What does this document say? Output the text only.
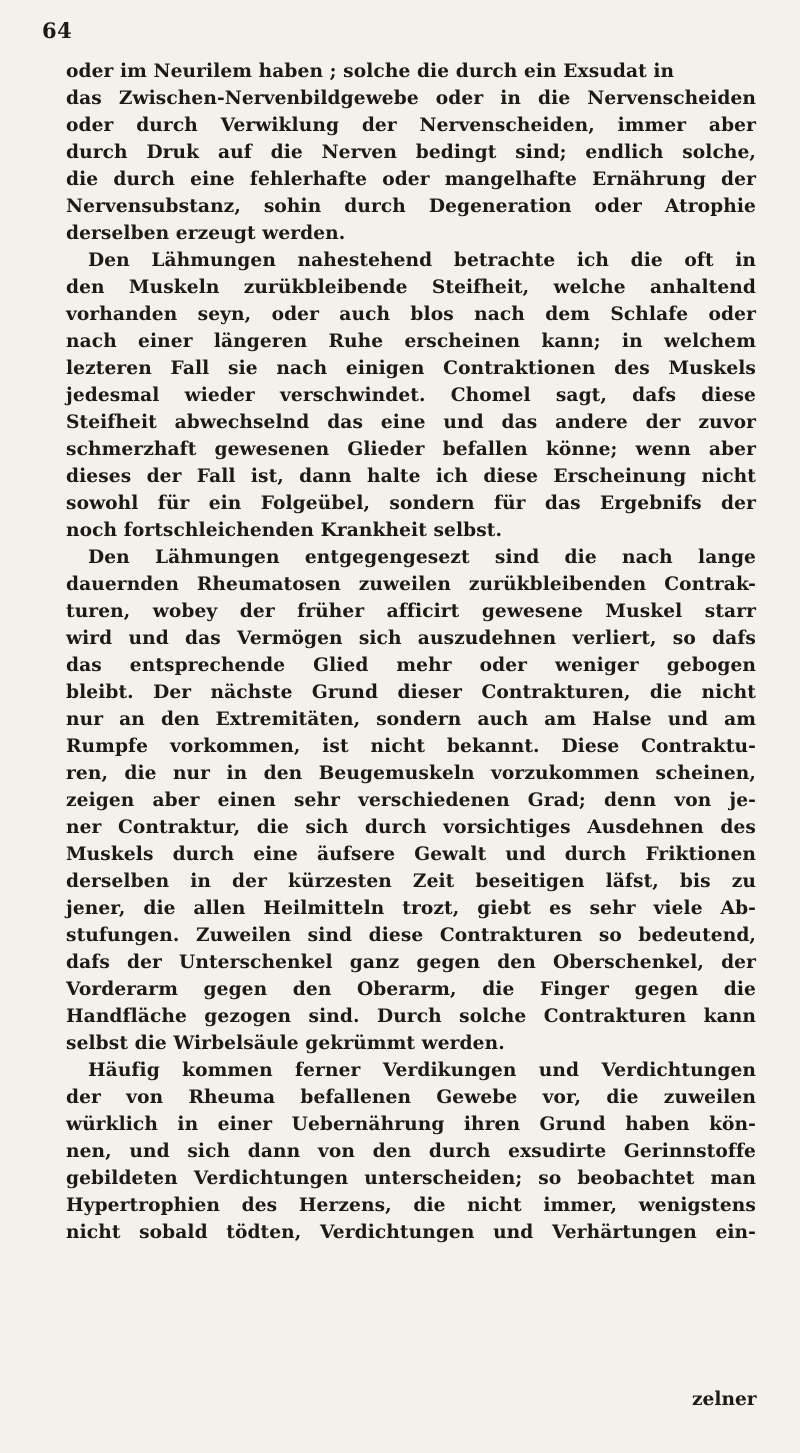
64
oder im Neurilem haben ; solche die durch ein Exsudat in
das Zwischen-Nervenbildgewebe oder in die Nervenscheiden
oder durch Verwiklung der Nervenscheiden, immer aber
durch Druk auf die Nerven bedingt sind; endlich solche,
die durch eine fehlerhafte oder mangelhafte Ernährung der
Nervensubstanz, sohin durch Degeneration oder Atrophie
derselben erzeugt werden.
Den Lähmungen nahestehend betrachte ich die oft in
den Muskeln zurükbleibende Steifheit, welche anhaltend
vorhanden seyn, oder auch blos nach dem Schlafe oder
nach einer längeren Ruhe erscheinen kann; in welchem
lezteren Fall sie nach einigen Contraktionen des Muskels
jedesmal wieder verschwindet. Chomel sagt, dafs diese
Steifheit abwechselnd das eine und das andere der zuvor
schmerzhaft gewesenen Glieder befallen könne; wenn aber
dieses der Fall ist, dann halte ich diese Erscheinung nicht
sowohl für ein Folgeübel, sondern für das Ergebnifs der
noch fortschleichenden Krankheit selbst.
Den Lähmungen entgegengesezt sind die nach lange
dauernden Rheumatosen zuweilen zurükbleibenden Contrak-
turen, wobey der früher afficirt gewesene Muskel starr
wird und das Vermögen sich auszudehnen verliert, so dafs
das entsprechende Glied mehr oder weniger gebogen
bleibt. Der nächste Grund dieser Contrakturen, die nicht
nur an den Extremitäten, sondern auch am Halse und am
Rumpfe vorkommen, ist nicht bekannt. Diese Contraktu-
ren, die nur in den Beugemuskeln vorzukommen scheinen,
zeigen aber einen sehr verschiedenen Grad; denn von je-
ner Contraktur, die sich durch vorsichtiges Ausdehnen des
Muskels durch eine äufsere Gewalt und durch Friktionen
derselben in der kürzesten Zeit beseitigen läfst, bis zu
jener, die allen Heilmitteln trozt, giebt es sehr viele Ab-
stufungen. Zuweilen sind diese Contrakturen so bedeutend,
dafs der Unterschenkel ganz gegen den Oberschenkel, der
Vorderarm gegen den Oberarm, die Finger gegen die
Handfläche gezogen sind. Durch solche Contrakturen kann
selbst die Wirbelsäule gekrümmt werden.
Häufig kommen ferner Verdikungen und Verdichtungen
der von Rheuma befallenen Gewebe vor, die zuweilen
würklich in einer Uebernährung ihren Grund haben kön-
nen, und sich dann von den durch exsudirte Gerinnstoffe
gebildeten Verdichtungen unterscheiden; so beobachtet man
Hypertrophien des Herzens, die nicht immer, wenigstens
nicht sobald tödten, Verdichtungen und Verhärtungen ein-
zelner
